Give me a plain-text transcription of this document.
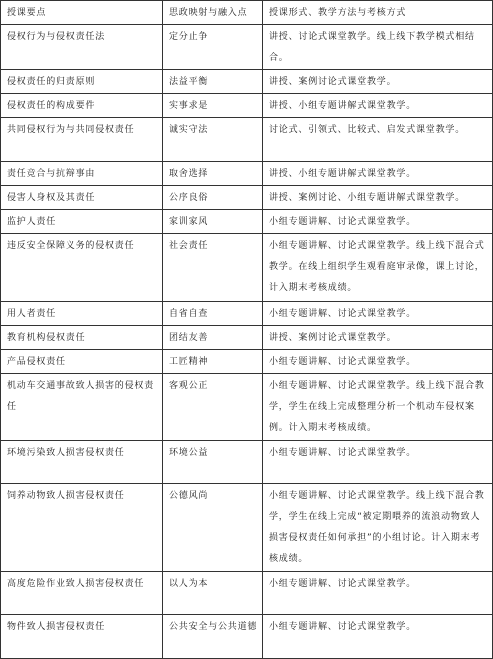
授课要点	思政映射与融入点	授课形式、教学方法与考核方式
侵权行为与侵权责任法	定分止争	讲授、讨论式课堂教学。线上线下教学模式相结合。
侵权责任的归责原则	法益平衡	讲授、案例讨论式课堂教学。
侵权责任的构成要件	实事求是	讲授、小组专题讲解式课堂教学。
共同侵权行为与共同侵权责任	诚实守法	讨论式、引领式、比较式、启发式课堂教学。
责任竞合与抗辩事由	取舍选择	讲授、小组专题讲解式课堂教学。
侵害人身权及其责任	公序良俗	讲授、案例讨论、小组专题讲解式课堂教学。
监护人责任	家训家风	小组专题讲解、讨论式课堂教学。
违反安全保障义务的侵权责任	社会责任	小组专题讲解、讨论式课堂教学。线上线下混合式教学。在线上组织学生观看庭审录像，课上讨论，计入期末考核成绩。
用人者责任	自省自查	小组专题讲解、讨论式课堂教学。
教育机构侵权责任	团结友善	讲授、案例讨论式课堂教学。
产品侵权责任	工匠精神	小组专题讲解、讨论式课堂教学。
机动车交通事故致人损害的侵权责任	客观公正	小组专题讲解、讨论式课堂教学。线上线下混合教学，学生在线上完成整理分析一个机动车侵权案例。计入期末考核成绩。
环境污染致人损害侵权责任	环境公益	小组专题讲解、讨论式课堂教学。
饲养动物致人损害侵权责任	公德风尚	小组专题讲解、讨论式课堂教学。线上线下混合教学，学生在线上完成“被定期喂养的流浪动物致人损害侵权责任如何承担”的小组讨论。计入期末考核成绩。
高度危险作业致人损害侵权责任	以人为本	小组专题讲解、讨论式课堂教学。
物件致人损害侵权责任	公共安全与公共道德	小组专题讲解、讨论式课堂教学。
